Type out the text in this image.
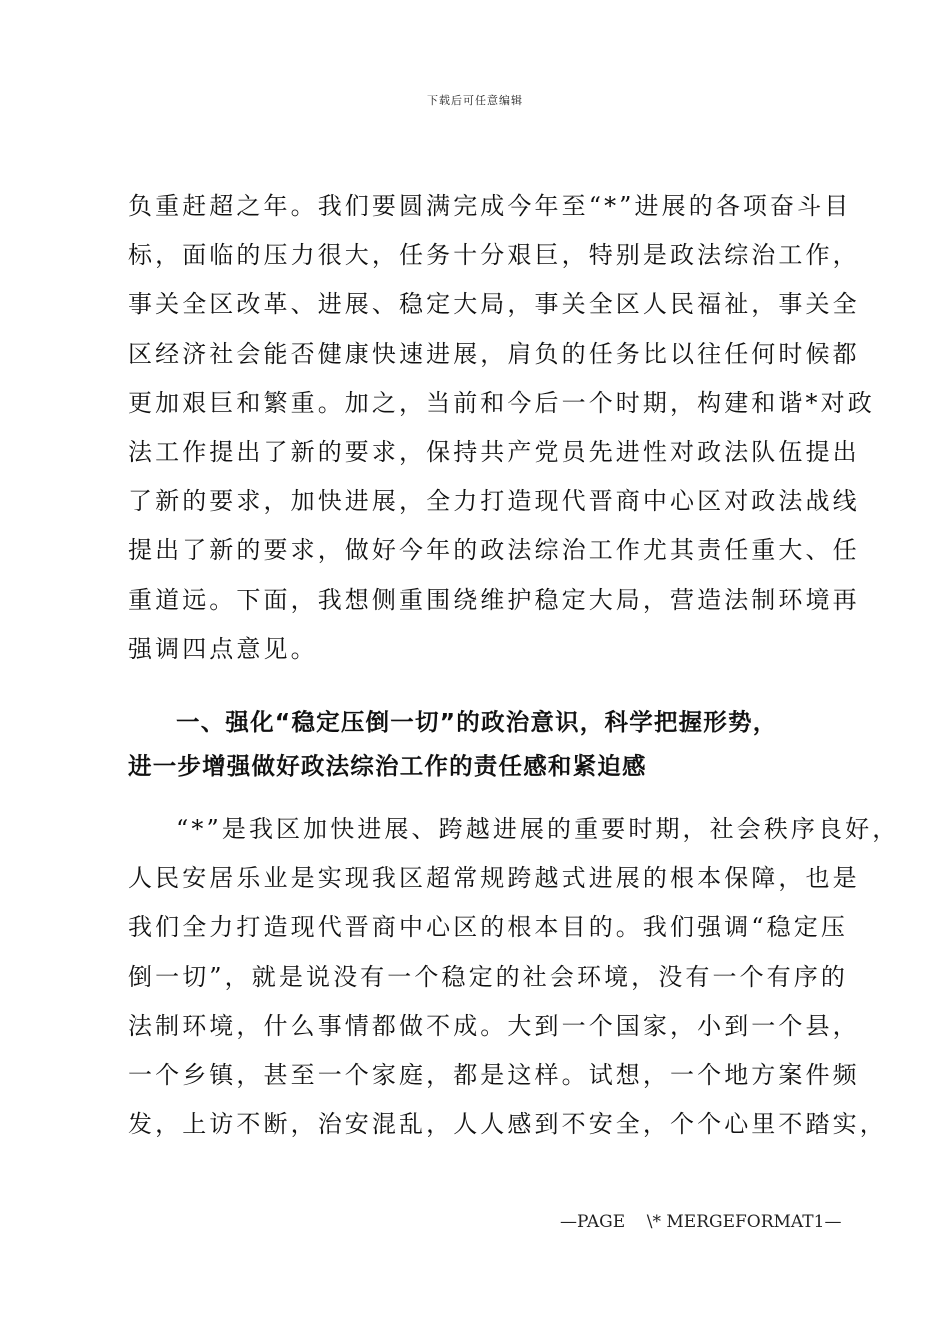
下载后可任意编辑
负重赶超之年。我们要圆满完成今年至“*”进展的各项奋斗目
标，面临的压力很大，任务十分艰巨，特别是政法综治工作，
事关全区改革、进展、稳定大局，事关全区人民福祉，事关全
区经济社会能否健康快速进展，肩负的任务比以往任何时候都
更加艰巨和繁重。加之，当前和今后一个时期，构建和谐*对政
法工作提出了新的要求，保持共产党员先进性对政法队伍提出
了新的要求，加快进展，全力打造现代晋商中心区对政法战线
提出了新的要求，做好今年的政法综治工作尤其责任重大、任
重道远。下面，我想侧重围绕维护稳定大局，营造法制环境再
强调四点意见。
一、强化“稳定压倒一切”的政治意识，科学把握形势，
进一步增强做好政法综治工作的责任感和紧迫感
“*”是我区加快进展、跨越进展的重要时期，社会秩序良好，
人民安居乐业是实现我区超常规跨越式进展的根本保障，也是
我们全力打造现代晋商中心区的根本目的。我们强调“稳定压
倒一切”，就是说没有一个稳定的社会环境，没有一个有序的
法制环境，什么事情都做不成。大到一个国家，小到一个县，
一个乡镇，甚至一个家庭，都是这样。试想，一个地方案件频
发，上访不断，治安混乱，人人感到不安全，个个心里不踏实，
—PAGE    \* MERGEFORMAT1—
